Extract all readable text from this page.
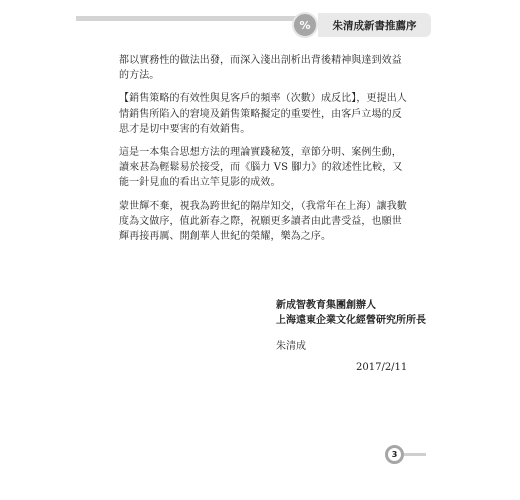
%	朱清成新書推薦序

都以實務性的做法出發，而深入淺出剖析出背後精神與達到效益的方法。

【銷售策略的有效性與見客戶的頻率（次數）成反比】，更提出人情銷售所陷入的窘境及銷售策略擬定的重要性，由客戶立場的反思才是切中要害的有效銷售。

這是一本集合思想方法的理論實踐秘笈，章節分明、案例生動，讀來甚為輕鬆易於接受，而《腦力 VS 腳力》的敘述性比較，又能一針見血的看出立竿見影的成效。

蒙世輝不棄，視我為跨世紀的隔岸知交，（我常年在上海）讓我數度為文做序，值此新春之際，祝願更多讀者由此書受益，也願世輝再接再厲、開創華人世紀的榮耀，樂為之序。

新成智教育集團創辦人
上海遠東企業文化經營研究所所長
朱清成
2017/2/11
3
